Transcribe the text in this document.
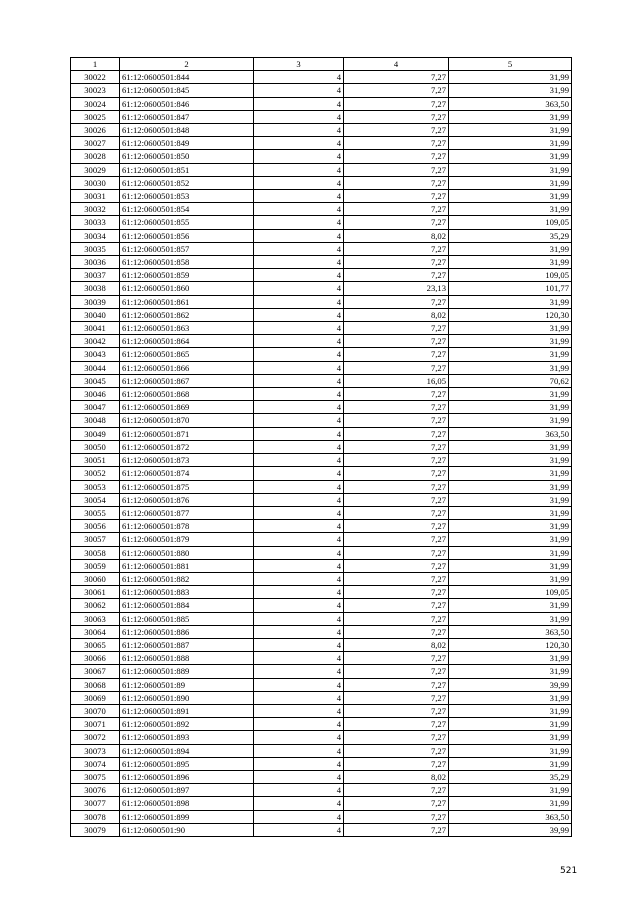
1	2	3	4	5
30022	61:12:0600501:844	4	7,27	31,99
30023	61:12:0600501:845	4	7,27	31,99
30024	61:12:0600501:846	4	7,27	363,50
30025	61:12:0600501:847	4	7,27	31,99
30026	61:12:0600501:848	4	7,27	31,99
30027	61:12:0600501:849	4	7,27	31,99
30028	61:12:0600501:850	4	7,27	31,99
30029	61:12:0600501:851	4	7,27	31,99
30030	61:12:0600501:852	4	7,27	31,99
30031	61:12:0600501:853	4	7,27	31,99
30032	61:12:0600501:854	4	7,27	31,99
30033	61:12:0600501:855	4	7,27	109,05
30034	61:12:0600501:856	4	8,02	35,29
30035	61:12:0600501:857	4	7,27	31,99
30036	61:12:0600501:858	4	7,27	31,99
30037	61:12:0600501:859	4	7,27	109,05
30038	61:12:0600501:860	4	23,13	101,77
30039	61:12:0600501:861	4	7,27	31,99
30040	61:12:0600501:862	4	8,02	120,30
30041	61:12:0600501:863	4	7,27	31,99
30042	61:12:0600501:864	4	7,27	31,99
30043	61:12:0600501:865	4	7,27	31,99
30044	61:12:0600501:866	4	7,27	31,99
30045	61:12:0600501:867	4	16,05	70,62
30046	61:12:0600501:868	4	7,27	31,99
30047	61:12:0600501:869	4	7,27	31,99
30048	61:12:0600501:870	4	7,27	31,99
30049	61:12:0600501:871	4	7,27	363,50
30050	61:12:0600501:872	4	7,27	31,99
30051	61:12:0600501:873	4	7,27	31,99
30052	61:12:0600501:874	4	7,27	31,99
30053	61:12:0600501:875	4	7,27	31,99
30054	61:12:0600501:876	4	7,27	31,99
30055	61:12:0600501:877	4	7,27	31,99
30056	61:12:0600501:878	4	7,27	31,99
30057	61:12:0600501:879	4	7,27	31,99
30058	61:12:0600501:880	4	7,27	31,99
30059	61:12:0600501:881	4	7,27	31,99
30060	61:12:0600501:882	4	7,27	31,99
30061	61:12:0600501:883	4	7,27	109,05
30062	61:12:0600501:884	4	7,27	31,99
30063	61:12:0600501:885	4	7,27	31,99
30064	61:12:0600501:886	4	7,27	363,50
30065	61:12:0600501:887	4	8,02	120,30
30066	61:12:0600501:888	4	7,27	31,99
30067	61:12:0600501:889	4	7,27	31,99
30068	61:12:0600501:89	4	7,27	39,99
30069	61:12:0600501:890	4	7,27	31,99
30070	61:12:0600501:891	4	7,27	31,99
30071	61:12:0600501:892	4	7,27	31,99
30072	61:12:0600501:893	4	7,27	31,99
30073	61:12:0600501:894	4	7,27	31,99
30074	61:12:0600501:895	4	7,27	31,99
30075	61:12:0600501:896	4	8,02	35,29
30076	61:12:0600501:897	4	7,27	31,99
30077	61:12:0600501:898	4	7,27	31,99
30078	61:12:0600501:899	4	7,27	363,50
30079	61:12:0600501:90	4	7,27	39,99
521
